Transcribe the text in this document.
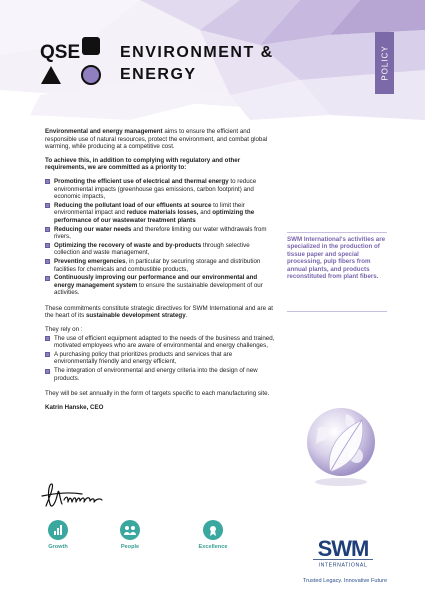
QSE ENVIRONMENT &
ENERGY	POLICY

Environmental and energy management aims to ensure the efficient and responsible use of natural resources, protect the environment, and combat global warming, while producing at a competitive cost.

To achieve this, in addition to complying with regulatory and other requirements, we are committed as a priority to:

Promoting the efficient use of electrical and thermal energy to reduce environmental impacts (greenhouse gas emissions, carbon footprint) and economic impacts,
Reducing the pollutant load of our effluents at source to limit their environmental impact and reduce materials losses, and optimizing the performance of our wastewater treatment plants
Reducing our water needs and therefore limiting our water withdrawals from rivers,
Optimizing the recovery of waste and by-products through selective collection and waste management,
Preventing emergencies, in particular by securing storage and distribution facilities for chemicals and combustible products,
Continuously improving our performance and our environmental and energy management system to ensure the sustainable development of our activities.

These commitments constitute strategic directives for SWM International and are at the heart of its sustainable development strategy.

They rely on :

The use of efficient equipment adapted to the needs of the business and trained, motivated employees who are aware of environmental and energy challenges,
A purchasing policy that prioritizes products and services that are environmentally friendly and energy efficient,
The integration of environmental and energy criteria into the design of new products.

They will be set annually in the form of targets specific to each manufacturing site.

Katrin Hanske, CEO

Growth	People	Excellence
SWM International's activities are specialized in the production of tissue paper and special processing, pulp fibers from annual plants, and products reconstituted from plant fibers.
SWM
INTERNATIONAL
Trusted Legacy. Innovative Future
